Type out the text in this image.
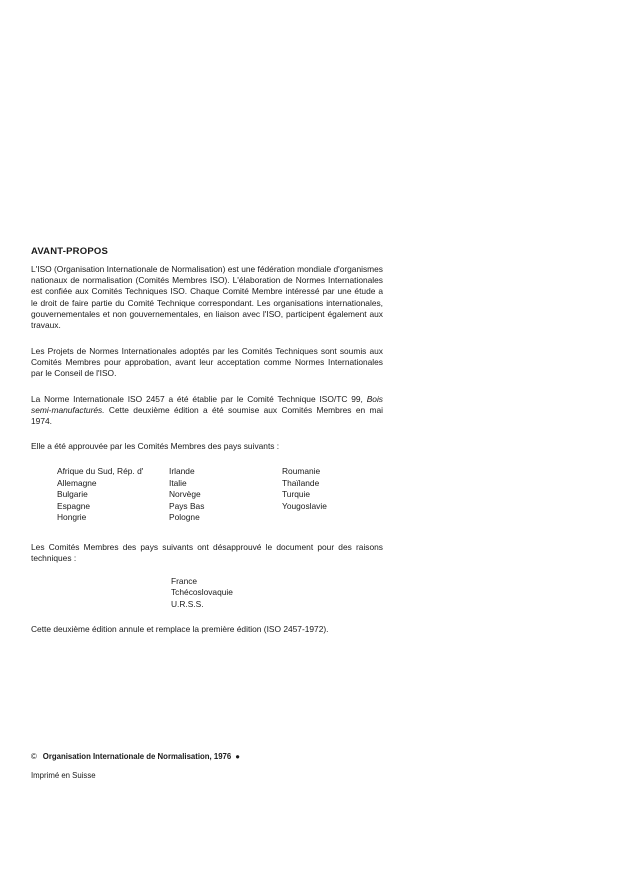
AVANT-PROPOS

L'ISO (Organisation Internationale de Normalisation) est une fédération mondiale d'organismes nationaux de normalisation (Comités Membres ISO). L'élaboration de Normes Internationales est confiée aux Comités Techniques ISO. Chaque Comité Membre intéressé par une étude a le droit de faire partie du Comité Technique correspondant. Les organisations internationales, gouvernementales et non gouvernementales, en liaison avec l'ISO, participent également aux travaux.

Les Projets de Normes Internationales adoptés par les Comités Techniques sont soumis aux Comités Membres pour approbation, avant leur acceptation comme Normes Internationales par le Conseil de l'ISO.

La Norme Internationale ISO 2457 a été établie par le Comité Technique ISO/TC 99, Bois semi-manufacturés. Cette deuxième édition a été soumise aux Comités Membres en mai 1974.

Elle a été approuvée par les Comités Membres des pays suivants :

Afrique du Sud, Rép. d'
Allemagne
Bulgarie
Espagne
Hongrie
Irlande
Italie
Norvège
Pays Bas
Pologne
Roumanie
Thaïlande
Turquie
Yougoslavie

Les Comités Membres des pays suivants ont désapprouvé le document pour des raisons techniques :

France
Tchécoslovaquie
U.R.S.S.

Cette deuxième édition annule et remplace la première édition (ISO 2457-1972).

© Organisation Internationale de Normalisation, 1976 ●
Imprimé en Suisse
